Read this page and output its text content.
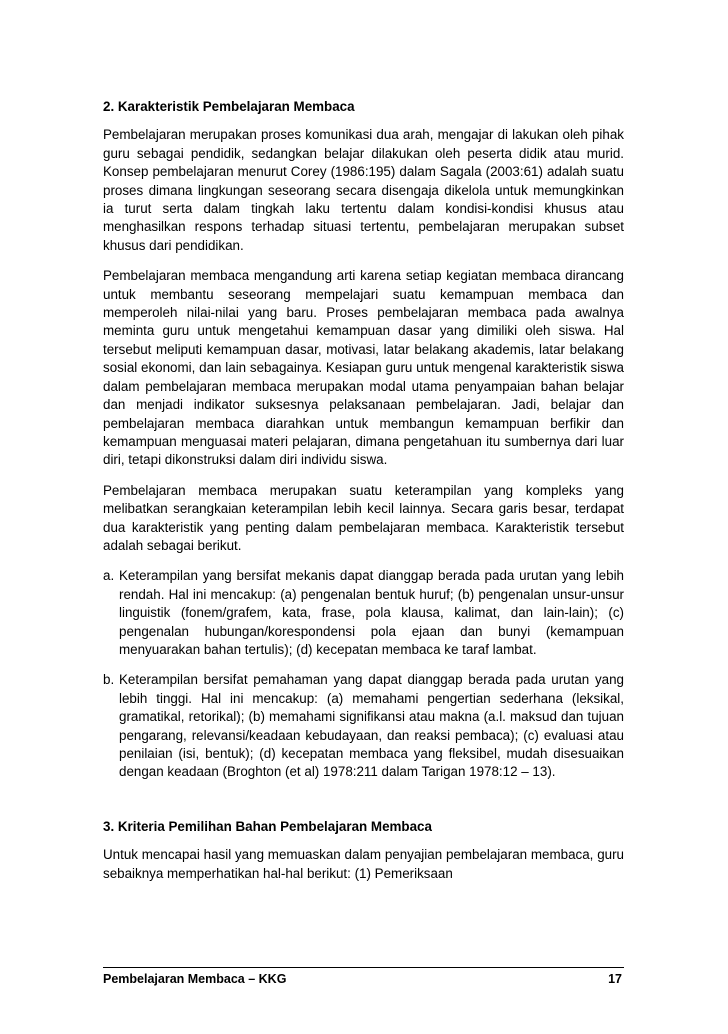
2. Karakteristik Pembelajaran Membaca

Pembelajaran merupakan proses komunikasi dua arah, mengajar di lakukan oleh pihak guru sebagai pendidik, sedangkan belajar dilakukan oleh peserta didik atau murid. Konsep pembelajaran menurut Corey (1986:195) dalam Sagala (2003:61) adalah suatu proses dimana lingkungan seseorang secara disengaja dikelola untuk memungkinkan ia turut serta dalam tingkah laku tertentu dalam kondisi-kondisi khusus atau menghasilkan respons terhadap situasi tertentu, pembelajaran merupakan subset khusus dari pendidikan.

Pembelajaran membaca mengandung arti karena setiap kegiatan membaca dirancang untuk membantu seseorang mempelajari suatu kemampuan membaca dan memperoleh nilai-nilai yang baru. Proses pembelajaran membaca pada awalnya meminta guru untuk mengetahui kemampuan dasar yang dimiliki oleh siswa. Hal tersebut meliputi kemampuan dasar, motivasi, latar belakang akademis, latar belakang sosial ekonomi, dan lain sebagainya. Kesiapan guru untuk mengenal karakteristik siswa dalam pembelajaran membaca merupakan modal utama penyampaian bahan belajar dan menjadi indikator suksesnya pelaksanaan pembelajaran. Jadi, belajar dan pembelajaran membaca diarahkan untuk membangun kemampuan berfikir dan kemampuan menguasai materi pelajaran, dimana pengetahuan itu sumbernya dari luar diri, tetapi dikonstruksi dalam diri individu siswa.

Pembelajaran membaca merupakan suatu keterampilan yang kompleks yang melibatkan serangkaian keterampilan lebih kecil lainnya. Secara garis besar, terdapat dua karakteristik yang penting dalam pembelajaran membaca. Karakteristik tersebut adalah sebagai berikut.

a. Keterampilan yang bersifat mekanis dapat dianggap berada pada urutan yang lebih rendah. Hal ini mencakup: (a) pengenalan bentuk huruf; (b) pengenalan unsur-unsur linguistik (fonem/grafem, kata, frase, pola klausa, kalimat, dan lain-lain); (c) pengenalan hubungan/korespondensi pola ejaan dan bunyi (kemampuan menyuarakan bahan tertulis); (d) kecepatan membaca ke taraf lambat.
b. Keterampilan bersifat pemahaman yang dapat dianggap berada pada urutan yang lebih tinggi. Hal ini mencakup: (a) memahami pengertian sederhana (leksikal, gramatikal, retorikal); (b) memahami signifikansi atau makna (a.l. maksud dan tujuan pengarang, relevansi/keadaan kebudayaan, dan reaksi pembaca); (c) evaluasi atau penilaian (isi, bentuk); (d) kecepatan membaca yang fleksibel, mudah disesuaikan dengan keadaan (Broghton (et al) 1978:211 dalam Tarigan 1978:12 – 13).
3. Kriteria Pemilihan Bahan Pembelajaran Membaca

Untuk mencapai hasil yang memuaskan dalam penyajian pembelajaran membaca, guru sebaiknya memperhatikan hal-hal berikut: (1) Pemeriksaan

Pembelajaran Membaca – KKG	17
